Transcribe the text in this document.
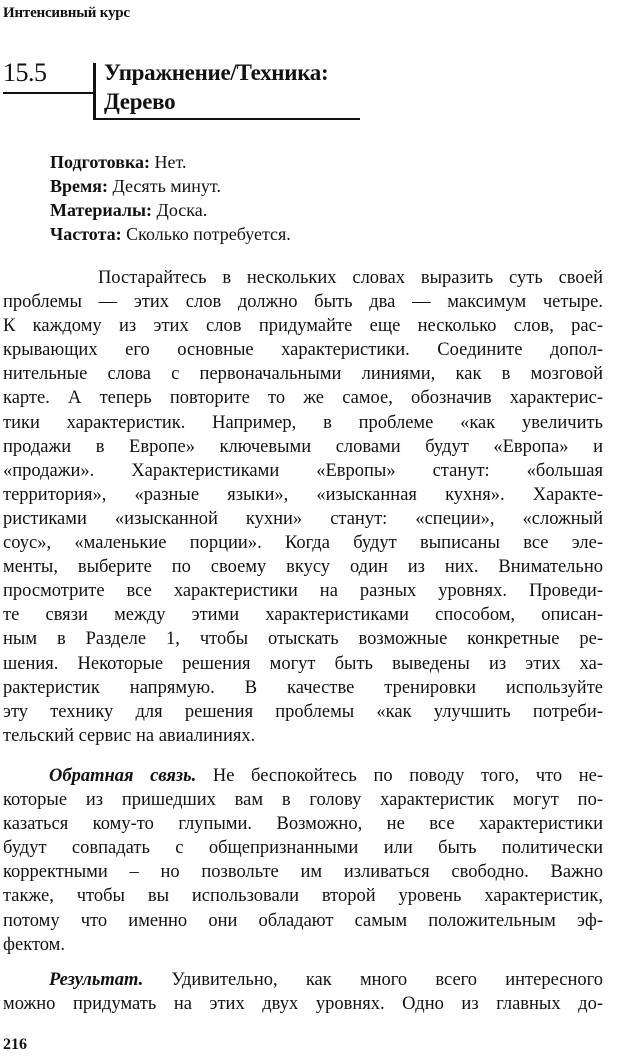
Интенсивный курс
15.5	Упражнение/Техника:
Дерево
Подготовка: Нет.
Время: Десять минут.
Материалы: Доска.
Частота: Сколько потребуется.
Постарайтесь в нескольких словах выразить суть своей
проблемы — этих слов должно быть два — максимум четыре.
К каждому из этих слов придумайте еще несколько слов, рас-
крывающих его основные характеристики. Соедините допол-
нительные слова с первоначальными линиями, как в мозговой
карте. А теперь повторите то же самое, обозначив характерис-
тики характеристик. Например, в проблеме «как увеличить
продажи в Европе» ключевыми словами будут «Европа» и
«продажи». Характеристиками «Европы» станут: «большая
территория», «разные языки», «изысканная кухня». Характе-
ристиками «изысканной кухни» станут: «специи», «сложный
соус», «маленькие порции». Когда будут выписаны все эле-
менты, выберите по своему вкусу один из них. Внимательно
просмотрите все характеристики на разных уровнях. Проведи-
те связи между этими характеристиками способом, описан-
ным в Разделе 1, чтобы отыскать возможные конкретные ре-
шения. Некоторые решения могут быть выведены из этих ха-
рактеристик напрямую. В качестве тренировки используйте
эту технику для решения проблемы «как улучшить потреби-
тельский сервис на авиалиниях.
Обратная связь. Не беспокойтесь по поводу того, что не-
которые из пришедших вам в голову характеристик могут по-
казаться кому-то глупыми. Возможно, не все характеристики
будут совпадать с общепризнанными или быть политически
корректными – но позвольте им изливаться свободно. Важно
также, чтобы вы использовали второй уровень характеристик,
потому что именно они обладают самым положительным эф-
фектом.
Результат. Удивительно, как много всего интересного
можно придумать на этих двух уровнях. Одно из главных до-
216
